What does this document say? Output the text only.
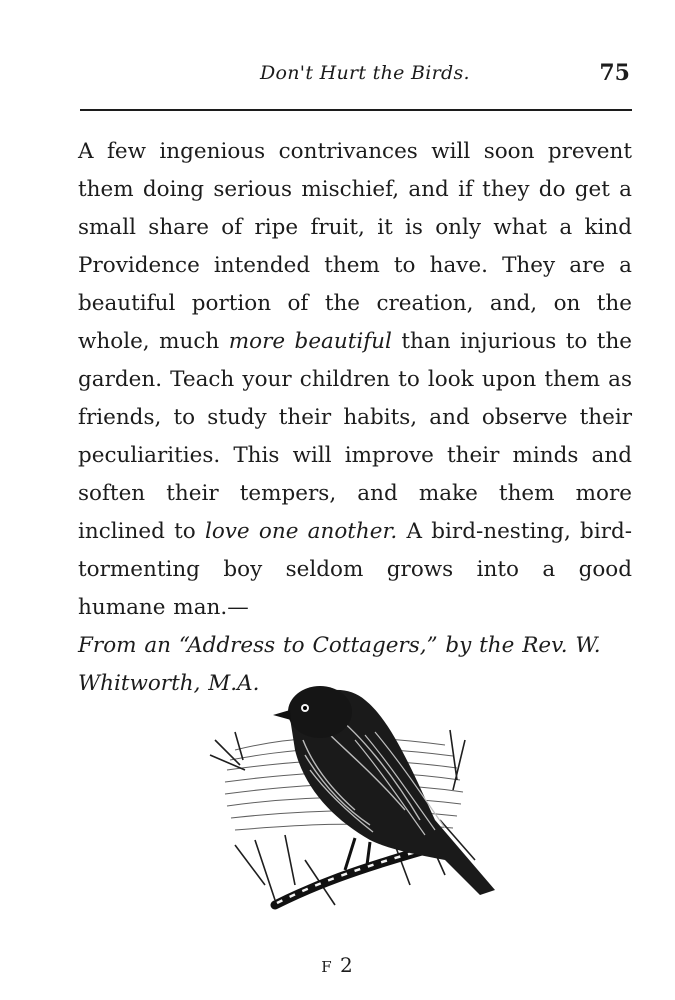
Don't Hurt the Birds.	75

A few ingenious contrivances will soon prevent them doing serious mischief, and if they do get a small share of ripe fruit, it is only what a kind Providence intended them to have. They are a beautiful portion of the creation, and, on the whole, much more beautiful than injurious to the garden. Teach your children to look upon them as friends, to study their habits, and observe their peculiarities. This will improve their minds and soften their tempers, and make them more inclined to love one another. A bird-nesting, bird-tormenting boy seldom grows into a good humane man.—
From an “Address to Cottagers,” by the Rev. W. Whitworth, M.A.

F 2
